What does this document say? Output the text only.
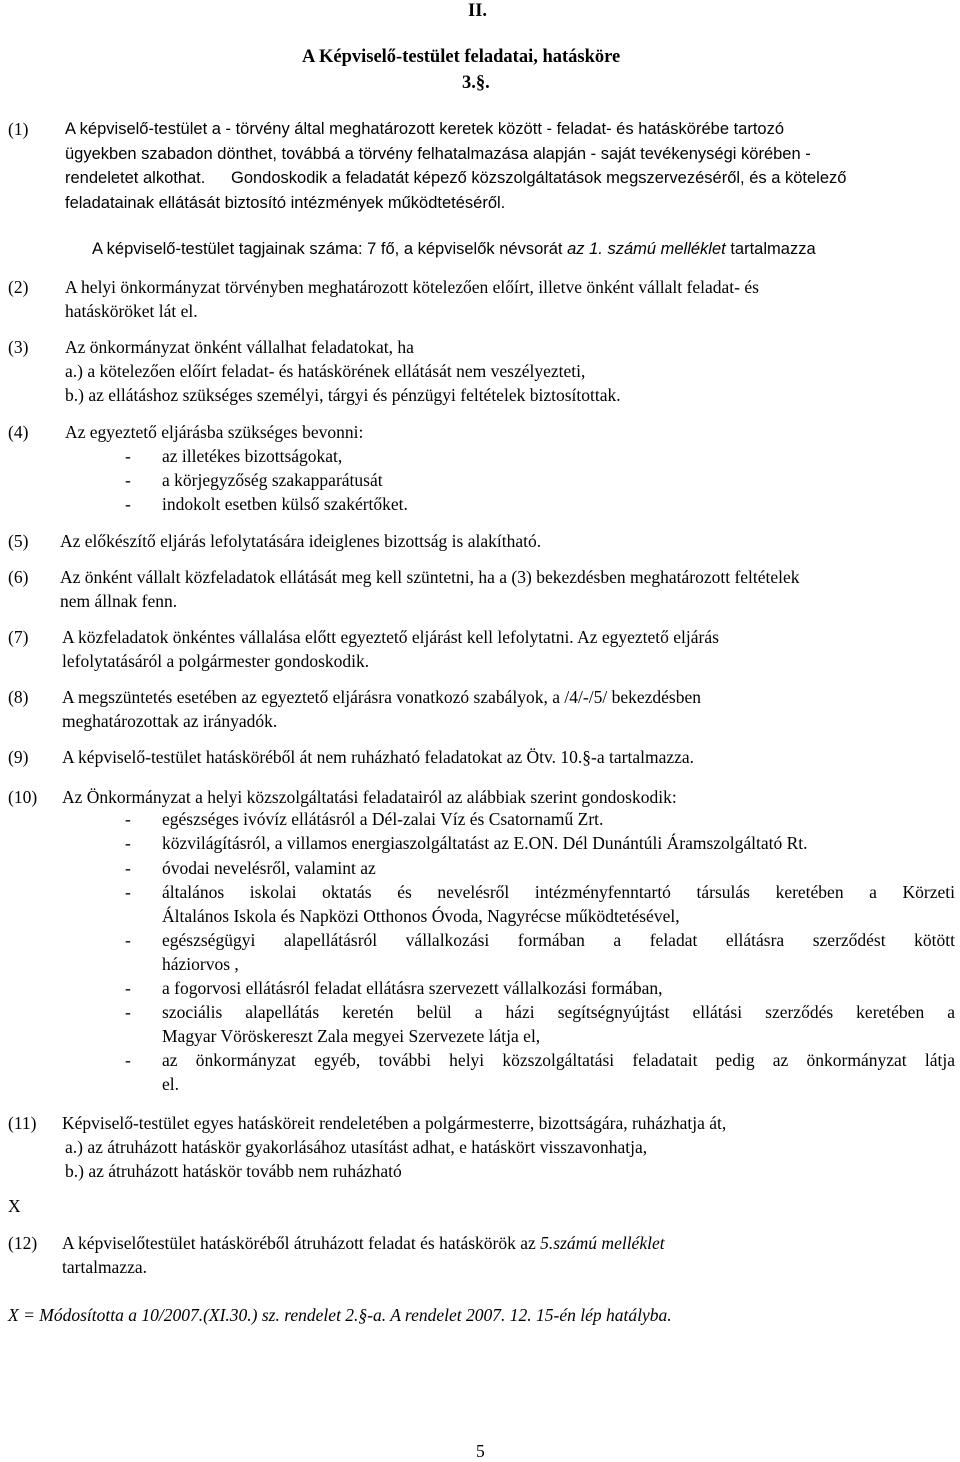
II.
A Képviselő-testület feladatai, hatásköre
3.§.
(1) A képviselő-testület a - törvény által meghatározott keretek között - feladat- és hatáskörébe tartozó
ügyekben szabadon dönthet, továbbá a törvény felhatalmazása alapján - saját tevékenységi körében -
rendeletet alkothat. Gondoskodik a feladatát képező közszolgáltatások megszervezéséről, és a kötelező
feladatainak ellátását biztosító intézmények működtetéséről.
A képviselő-testület tagjainak száma: 7 fő, a képviselők névsorát az 1. számú melléklet tartalmazza
(2) A helyi önkormányzat törvényben meghatározott kötelezően előírt, illetve önként vállalt feladat- és
hatásköröket lát el.
(3) Az önkormányzat önként vállalhat feladatokat, ha
a.) a kötelezően előírt feladat- és hatáskörének ellátását nem veszélyezteti,
b.) az ellátáshoz szükséges személyi, tárgyi és pénzügyi feltételek biztosítottak.
(4) Az egyeztető eljárásba szükséges bevonni:
- az illetékes bizottságokat,
- a körjegyzőség szakapparátusát
- indokolt esetben külső szakértőket.
(5) Az előkészítő eljárás lefolytatására ideiglenes bizottság is alakítható.
(6) Az önként vállalt közfeladatok ellátását meg kell szüntetni, ha a (3) bekezdésben meghatározott feltételek
nem állnak fenn.
(7) A közfeladatok önkéntes vállalása előtt egyeztető eljárást kell lefolytatni. Az egyeztető eljárás
lefolytatásáról a polgármester gondoskodik.
(8) A megszüntetés esetében az egyeztető eljárásra vonatkozó szabályok, a /4/-/5/ bekezdésben
meghatározottak az irányadók.
(9) A képviselő-testület hatásköréből át nem ruházható feladatokat az Ötv. 10.§-a tartalmazza.
(10) Az Önkormányzat a helyi közszolgáltatási feladatairól az alábbiak szerint gondoskodik:
- egészséges ivóvíz ellátásról a Dél-zalai Víz és Csatornamű Zrt.
- közvilágításról, a villamos energiaszolgáltatást az E.ON. Dél Dunántúli Áramszolgáltató Rt.
- óvodai nevelésről, valamint az
- általános iskolai oktatás és nevelésről intézményfenntartó társulás keretében a Körzeti
Általános Iskola és Napközi Otthonos Óvoda, Nagyrécse működtetésével,
- egészségügyi alapellátásról vállalkozási formában a feladat ellátásra szerződést kötött
háziorvos ,
- a fogorvosi ellátásról feladat ellátásra szervezett vállalkozási formában,
- szociális alapellátás keretén belül a házi segítségnyújtást ellátási szerződés keretében a
Magyar Vöröskereszt Zala megyei Szervezete látja el,
- az önkormányzat egyéb, további helyi közszolgáltatási feladatait pedig az önkormányzat látja
el.
(11) Képviselő-testület egyes hatásköreit rendeletében a polgármesterre, bizottságára, ruházhatja át,
a.) az átruházott hatáskör gyakorlásához utasítást adhat, e hatáskört visszavonhatja,
b.) az átruházott hatáskör tovább nem ruházható
X
(12) A képviselőtestület hatásköréből átruházott feladat és hatáskörök az 5.számú melléklet
tartalmazza.
X = Módosította a 10/2007.(XI.30.) sz. rendelet 2.§-a. A rendelet 2007. 12. 15-én lép hatályba.
5
